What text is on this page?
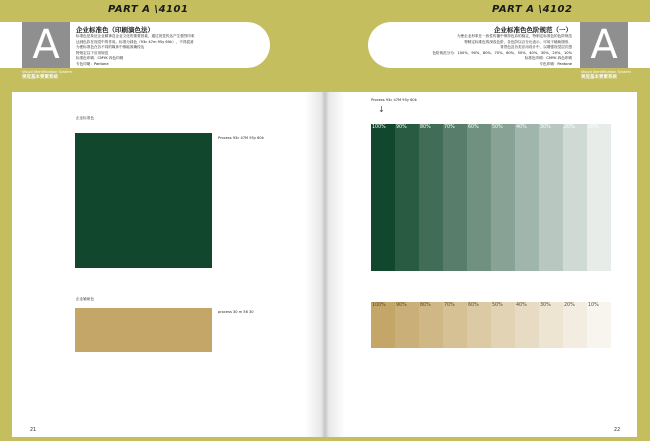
A
PART A \4101
企业标准色（印刷演色法）
标准色是象征企业精神及企业文化的重要因素，通过视觉传达产生强烈印象
达到色彩在视觉中的作用。标准为绿色（93c 47m 95y 60k），不得混淆
为使标准色在各不同的媒体中都能准确传达
特规定以下应用规范
标准色印刷：CMYK 四色印刷
专色印刷：Pantone
Visual Identification System
视觉基本要素系统
A
PART A \4102
企业标准色色阶规范（一）
为使企业形象在一致性传播中保持色彩的稳定，特制定标准色的色阶规范
特制定标准色的深浅色阶，各色阶以百分比表示，可用于辅助图形、
背景色及各类应用设计中，以增强视觉层次感
色阶规范分为：100%、90%、80%、70%、60%、50%、40%、30%、20%、10%
标准色印刷：CMYK 四色印刷
专色印刷：Pantone
Visual Identification System
视觉基本要素系统
企业标准色
Process 93c 47M 95y 60k
企业辅助色
process 30 m 56 30
21
Process 93c 47M 95y 60k
↓
100% 90%	80%	70%	60%	50%	40%	30%	20%	10%
100% 90%	80%	70%	60%	50%	40%	30%	20%	10%
22
